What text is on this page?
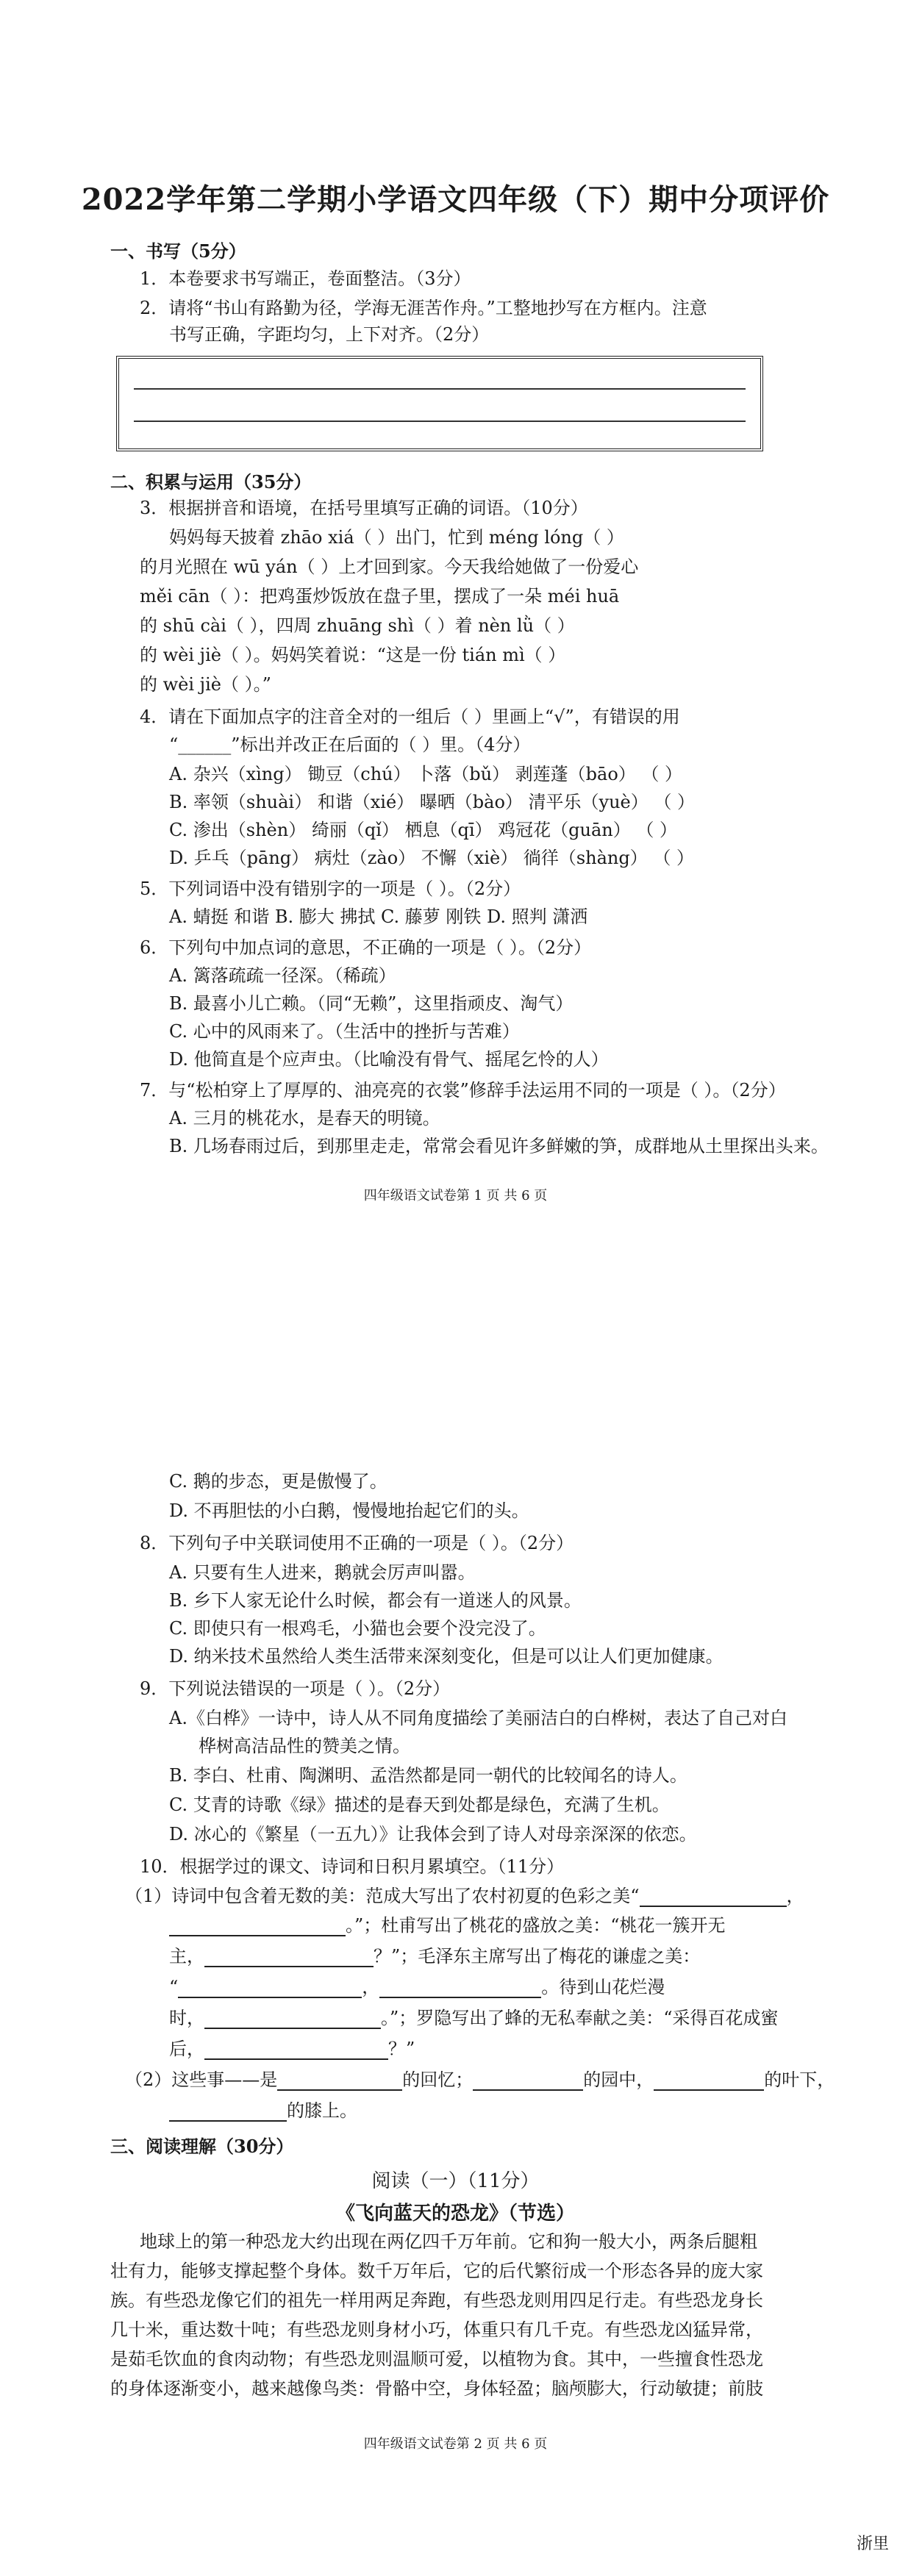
2022学年第二学期小学语文四年级（下）期中分项评价
一、书写（5分）
1．本卷要求书写端正，卷面整洁。（3分）
2．请将“书山有路勤为径，学海无涯苦作舟。”工整地抄写在方框内。注意
书写正确，字距均匀，上下对齐。（2分）
二、积累与运用（35分）
3．根据拼音和语境，在括号里填写正确的词语。（10分）
妈妈每天披着 zhāo xiá（ ）出门，忙到 méng lóng（ ）
的月光照在 wū yán（ ）上才回到家。今天我给她做了一份爱心
měi cān（ ）：把鸡蛋炒饭放在盘子里，摆成了一朵 méi huā
的 shū cài（ ），四周 zhuāng shì（ ）着 nèn lǜ（ ）
的 wèi jiè（ ）。妈妈笑着说：“这是一份 tián mì（ ）
的 wèi jiè（ ）。”
4．请在下面加点字的注音全对的一组后（ ）里画上“√”，有错误的用
“______”标出并改正在后面的（ ）里。（4分）
A. 杂兴（xìng） 锄豆（chú） 卜落（bǔ） 剥莲蓬（bāo） （ ）
B. 率领（shuài） 和谐（xié） 曝晒（bào） 清平乐（yuè） （ ）
C. 渗出（shèn） 绮丽（qǐ） 栖息（qī） 鸡冠花（guān） （ ）
D. 乒乓（pāng） 病灶（zào） 不懈（xiè） 徜徉（shàng） （ ）
5．下列词语中没有错别字的一项是（ ）。（2分）
A. 蜻挺 和谐 B. 膨大 拂拭 C. 藤萝 刚铁 D. 照判 潇洒
6．下列句中加点词的意思，不正确的一项是（ ）。（2分）
A. 篱落疏疏一径深。（稀疏）
B. 最喜小儿亡赖。（同“无赖”，这里指顽皮、淘气）
C. 心中的风雨来了。（生活中的挫折与苦难）
D. 他简直是个应声虫。（比喻没有骨气、摇尾乞怜的人）
7．与“松柏穿上了厚厚的、油亮亮的衣裳”修辞手法运用不同的一项是（ ）。（2分）
A. 三月的桃花水，是春天的明镜。
B. 几场春雨过后，到那里走走，常常会看见许多鲜嫩的笋，成群地从土里探出头来。
四年级语文试卷第 1 页 共 6 页
C. 鹅的步态，更是傲慢了。
D. 不再胆怯的小白鹅，慢慢地抬起它们的头。
8．下列句子中关联词使用不正确的一项是（ ）。（2分）
A. 只要有生人进来，鹅就会厉声叫嚣。
B. 乡下人家无论什么时候，都会有一道迷人的风景。
C. 即使只有一根鸡毛，小猫也会要个没完没了。
D. 纳米技术虽然给人类生活带来深刻变化，但是可以让人们更加健康。
9．下列说法错误的一项是（ ）。（2分）
A.《白桦》一诗中，诗人从不同角度描绘了美丽洁白的白桦树，表达了自己对白
桦树高洁品性的赞美之情。
B. 李白、杜甫、陶渊明、孟浩然都是同一朝代的比较闻名的诗人。
C. 艾青的诗歌《绿》描述的是春天到处都是绿色，充满了生机。
D. 冰心的《繁星（一五九）》让我体会到了诗人对母亲深深的依恋。
10．根据学过的课文、诗词和日积月累填空。（11分）
（1）诗词中包含着无数的美：范成大写出了农村初夏的色彩之美“	，
。”；杜甫写出了桃花的盛放之美：“桃花一簇开无
主，	？”；毛泽东主席写出了梅花的谦虚之美：
“	，	。待到山花烂漫
时，	。”；罗隐写出了蜂的无私奉献之美：“采得百花成蜜
后，	？”
（2）这些事——是	的回忆；	的园中，	的叶下，
的膝上。
三、阅读理解（30分）
阅读（一）（11分）
《飞向蓝天的恐龙》（节选）
地球上的第一种恐龙大约出现在两亿四千万年前。它和狗一般大小，两条后腿粗
壮有力，能够支撑起整个身体。数千万年后，它的后代繁衍成一个形态各异的庞大家
族。有些恐龙像它们的祖先一样用两足奔跑，有些恐龙则用四足行走。有些恐龙身长
几十米，重达数十吨；有些恐龙则身材小巧，体重只有几千克。有些恐龙凶猛异常，
是茹毛饮血的食肉动物；有些恐龙则温顺可爱，以植物为食。其中，一些擅食性恐龙
的身体逐渐变小，越来越像鸟类：骨骼中空，身体轻盈；脑颅膨大，行动敏捷；前肢
四年级语文试卷第 2 页 共 6 页
浙里
